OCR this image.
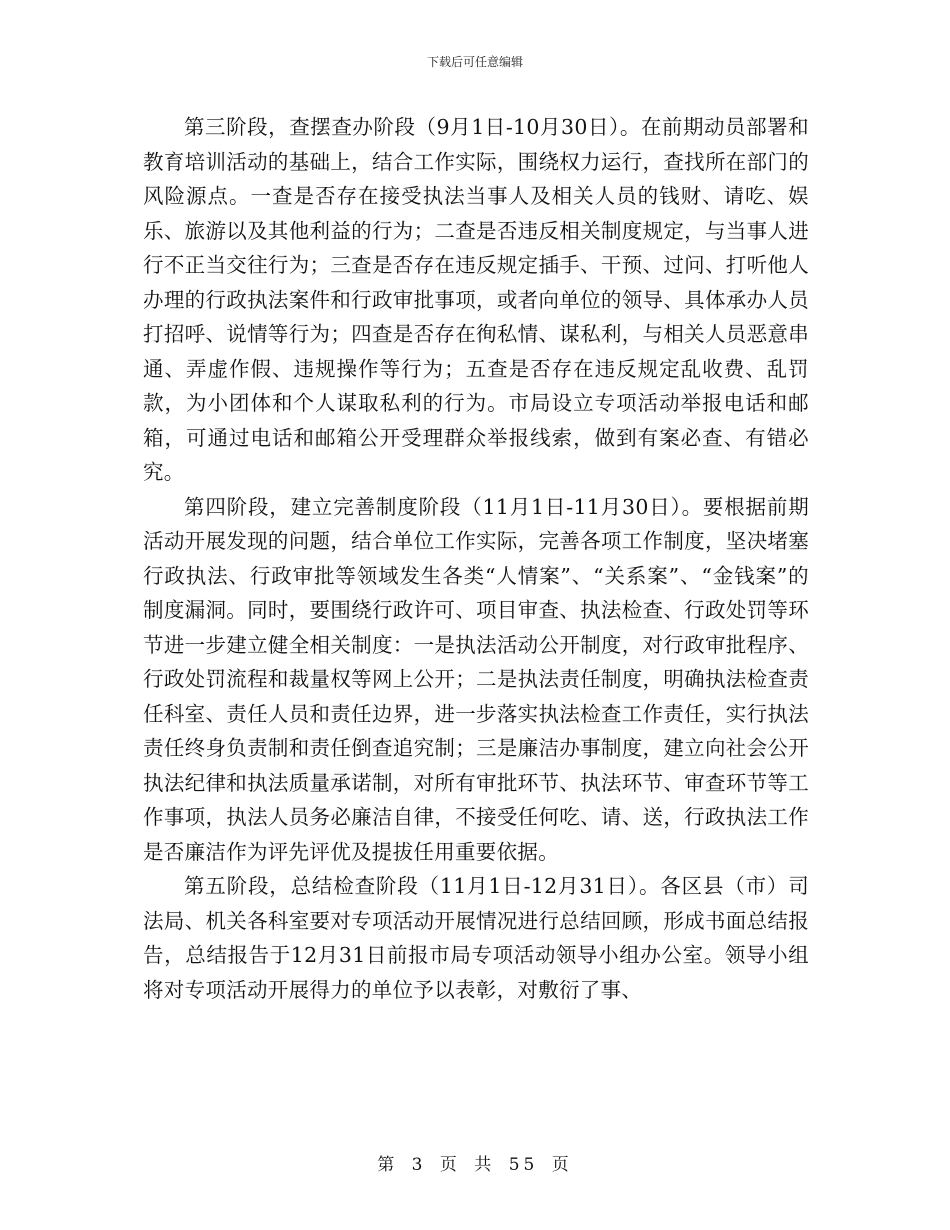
下载后可任意编辑

第三阶段，查摆查办阶段（9月1日-10月30日）。在前期动员部署和教育培训活动的基础上，结合工作实际，围绕权力运行，查找所在部门的风险源点。一查是否存在接受执法当事人及相关人员的钱财、请吃、娱乐、旅游以及其他利益的行为；二查是否违反相关制度规定，与当事人进行不正当交往行为；三查是否存在违反规定插手、干预、过问、打听他人办理的行政执法案件和行政审批事项，或者向单位的领导、具体承办人员打招呼、说情等行为；四查是否存在徇私情、谋私利，与相关人员恶意串通、弄虚作假、违规操作等行为；五查是否存在违反规定乱收费、乱罚款，为小团体和个人谋取私利的行为。市局设立专项活动举报电话和邮箱，可通过电话和邮箱公开受理群众举报线索，做到有案必查、有错必究。

第四阶段，建立完善制度阶段（11月1日-11月30日）。要根据前期活动开展发现的问题，结合单位工作实际，完善各项工作制度，坚决堵塞行政执法、行政审批等领域发生各类“人情案”、“关系案”、“金钱案”的制度漏洞。同时，要围绕行政许可、项目审查、执法检查、行政处罚等环节进一步建立健全相关制度：一是执法活动公开制度，对行政审批程序、行政处罚流程和裁量权等网上公开；二是执法责任制度，明确执法检查责任科室、责任人员和责任边界，进一步落实执法检查工作责任，实行执法责任终身负责制和责任倒查追究制；三是廉洁办事制度，建立向社会公开执法纪律和执法质量承诺制，对所有审批环节、执法环节、审查环节等工作事项，执法人员务必廉洁自律，不接受任何吃、请、送，行政执法工作是否廉洁作为评先评优及提拔任用重要依据。

第五阶段，总结检查阶段（11月1日-12月31日）。各区县（市）司法局、机关各科室要对专项活动开展情况进行总结回顾，形成书面总结报告，总结报告于12月31日前报市局专项活动领导小组办公室。领导小组将对专项活动开展得力的单位予以表彰，对敷衍了事、

第 3 页 共 55 页
